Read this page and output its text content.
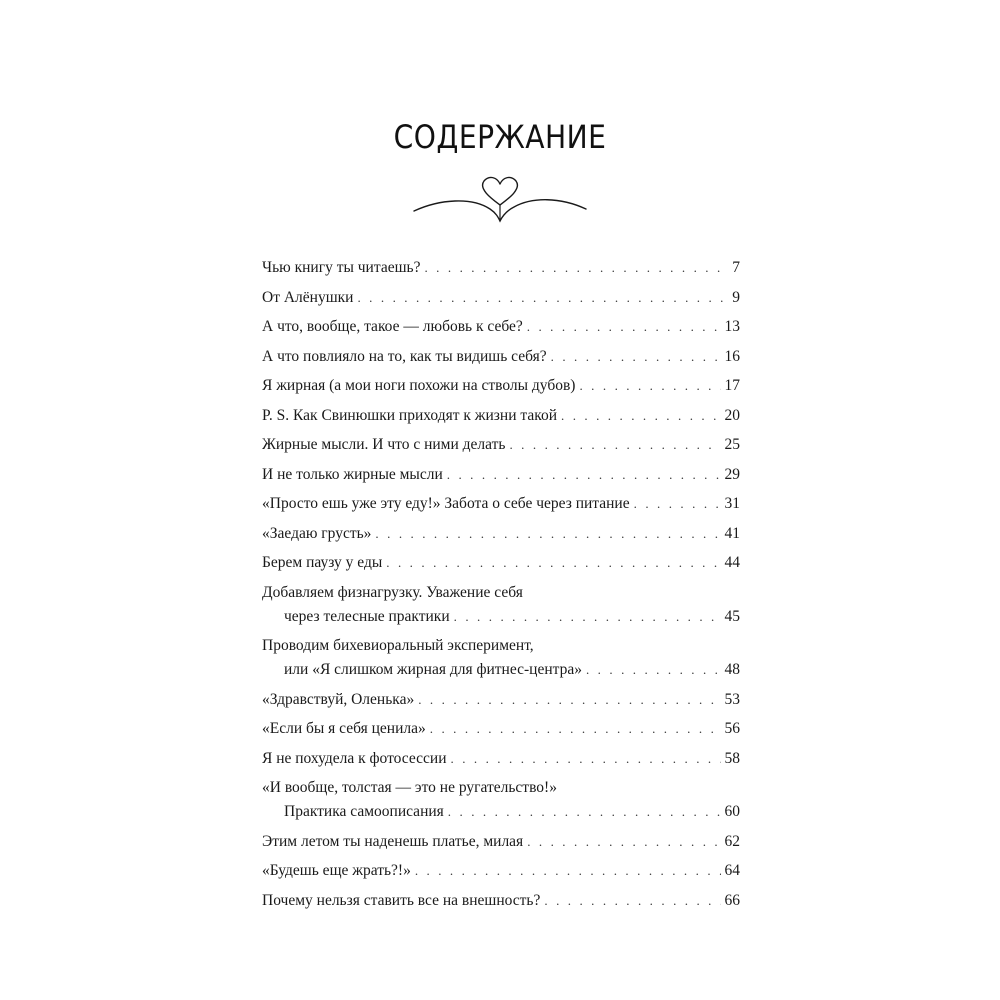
СОДЕРЖАНИЕ
Чью книгу ты читаешь? . . .	7
От Алёнушки . . .	9
А что, вообще, такое — любовь к себе? . . .	13
А что повлияло на то, как ты видишь себя? . . .	16
Я жирная (а мои ноги похожи на стволы дубов) . . .	17
P. S. Как Свинюшки приходят к жизни такой . . .	20
Жирные мысли. И что с ними делать . . .	25
И не только жирные мысли . . .	29
«Просто ешь уже эту еду!» Забота о себе через питание . . .	31
«Заедаю грусть» . . .	41
Берем паузу у еды . . .	44
Добавляем физнагрузку. Уважение себя
через телесные практики . . .	45
Проводим бихевиоральный эксперимент,
или «Я слишком жирная для фитнес-центра» . . .	48
«Здравствуй, Оленька» . . .	53
«Если бы я себя ценила» . . .	56
Я не похудела к фотосессии . . .	58
«И вообще, толстая — это не ругательство!»
Практика самоописания . . .	60
Этим летом ты наденешь платье, милая . . .	62
«Будешь еще жрать?!» . . .	64
Почему нельзя ставить все на внешность? . . .	66
